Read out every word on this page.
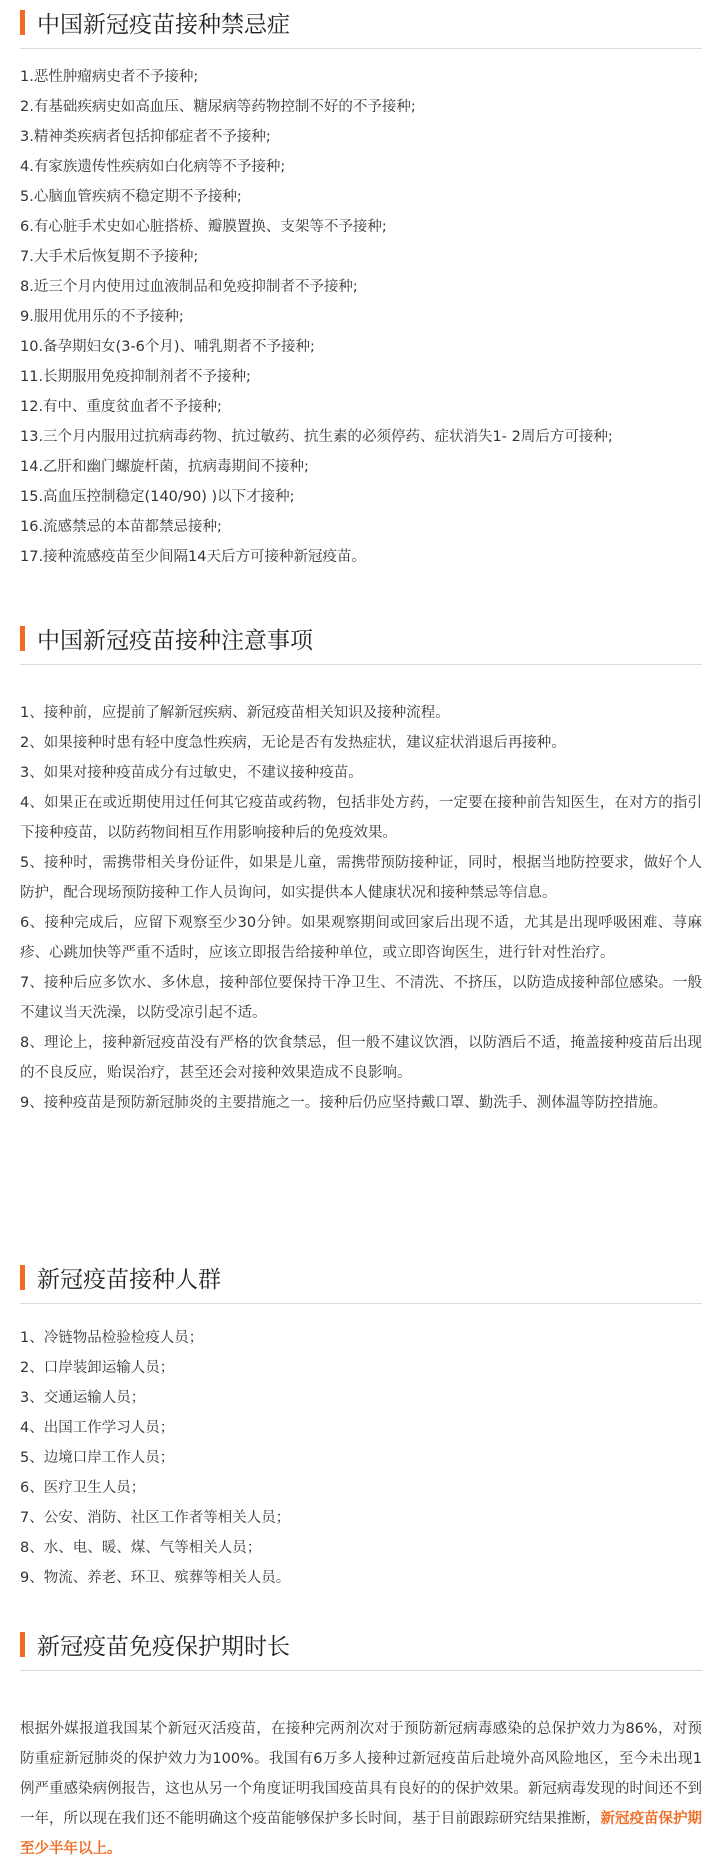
中国新冠疫苗接种禁忌症
1.恶性肿瘤病史者不予接种;
2.有基础疾病史如高血压、糖尿病等药物控制不好的不予接种;
3.精神类疾病者包括抑郁症者不予接种;
4.有家族遗传性疾病如白化病等不予接种;
5.心脑血管疾病不稳定期不予接种;
6.有心脏手术史如心脏搭桥、瓣膜置换、支架等不予接种;
7.大手术后恢复期不予接种;
8.近三个月内使用过血液制品和免疫抑制者不予接种;
9.服用优用乐的不予接种;
10.备孕期妇女(3-6个月)、哺乳期者不予接种;
11.长期服用免疫抑制剂者不予接种;
12.有中、重度贫血者不予接种;
13.三个月内服用过抗病毒药物、抗过敏药、抗生素的必须停药、症状消失1- 2周后方可接种;
14.乙肝和幽门螺旋杆菌，抗病毒期间不接种;
15.高血压控制稳定(140/90) )以下才接种;
16.流感禁忌的本苗都禁忌接种;
17.接种流感疫苗至少间隔14天后方可接种新冠疫苗。
中国新冠疫苗接种注意事项

1、接种前，应提前了解新冠疾病、新冠疫苗相关知识及接种流程。

2、如果接种时患有轻中度急性疾病，无论是否有发热症状，建议症状消退后再接种。

3、如果对接种疫苗成分有过敏史，不建议接种疫苗。

4、如果正在或近期使用过任何其它疫苗或药物，包括非处方药，一定要在接种前告知医生，在对方的指引下接种疫苗，以防药物间相互作用影响接种后的免疫效果。

5、接种时，需携带相关身份证件，如果是儿童，需携带预防接种证，同时，根据当地防控要求，做好个人防护，配合现场预防接种工作人员询问，如实提供本人健康状况和接种禁忌等信息。

6、接种完成后，应留下观察至少30分钟。如果观察期间或回家后出现不适，尤其是出现呼吸困难、荨麻疹、心跳加快等严重不适时，应该立即报告给接种单位，或立即咨询医生，进行针对性治疗。

7、接种后应多饮水、多休息，接种部位要保持干净卫生、不清洗、不挤压，以防造成接种部位感染。一般不建议当天洗澡，以防受凉引起不适。

8、理论上，接种新冠疫苗没有严格的饮食禁忌，但一般不建议饮酒，以防酒后不适，掩盖接种疫苗后出现的不良反应，贻误治疗，甚至还会对接种效果造成不良影响。

9、接种疫苗是预防新冠肺炎的主要措施之一。接种后仍应坚持戴口罩、勤洗手、测体温等防控措施。

新冠疫苗接种人群
1、冷链物品检验检疫人员；
2、口岸装卸运输人员；
3、交通运输人员；
4、出国工作学习人员；
5、边境口岸工作人员；
6、医疗卫生人员；
7、公安、消防、社区工作者等相关人员；
8、水、电、暖、煤、气等相关人员；
9、物流、养老、环卫、殡葬等相关人员。
新冠疫苗免疫保护期时长
根据外媒报道我国某个新冠灭活疫苗，在接种完两剂次对于预防新冠病毒感染的总保护效力为86%，对预防重症新冠肺炎的保护效力为100%。我国有6万多人接种过新冠疫苗后赴境外高风险地区，至今未出现1例严重感染病例报告，这也从另一个角度证明我国疫苗具有良好的的保护效果。新冠病毒发现的时间还不到一年，所以现在我们还不能明确这个疫苗能够保护多长时间，基于目前跟踪研究结果推断，新冠疫苗保护期至少半年以上。
